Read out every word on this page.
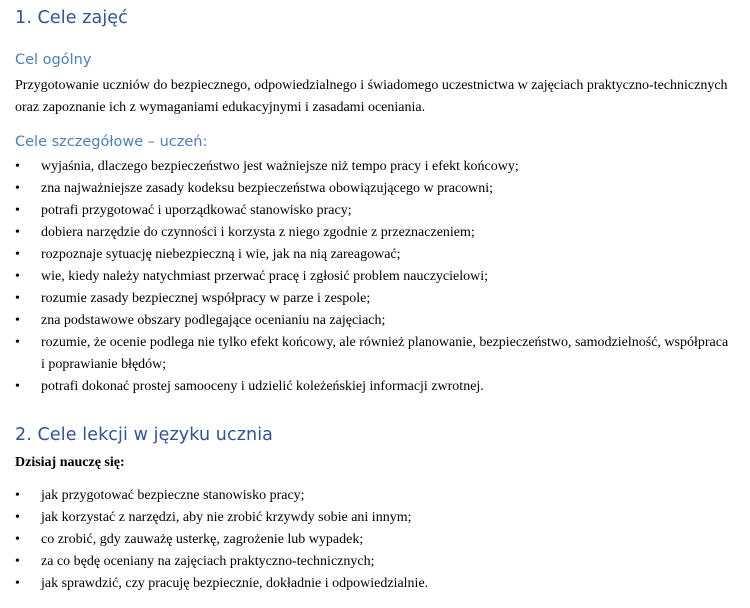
1. Cele zajęć
Cel ogólny

Przygotowanie uczniów do bezpiecznego, odpowiedzialnego i świadomego uczestnictwa w zajęciach praktyczno-technicznych oraz zapoznanie ich z wymaganiami edukacyjnymi i zasadami oceniania.

Cele szczegółowe – uczeń:
•	wyjaśnia, dlaczego bezpieczeństwo jest ważniejsze niż tempo pracy i efekt końcowy;
•	zna najważniejsze zasady kodeksu bezpieczeństwa obowiązującego w pracowni;
•	potrafi przygotować i uporządkować stanowisko pracy;
•	dobiera narzędzie do czynności i korzysta z niego zgodnie z przeznaczeniem;
•	rozpoznaje sytuację niebezpieczną i wie, jak na nią zareagować;
•	wie, kiedy należy natychmiast przerwać pracę i zgłosić problem nauczycielowi;
•	rozumie zasady bezpiecznej współpracy w parze i zespole;
•	zna podstawowe obszary podlegające ocenianiu na zajęciach;
•	rozumie, że ocenie podlega nie tylko efekt końcowy, ale również planowanie, bezpieczeństwo, samodzielność, współpraca i poprawianie błędów;
•	potrafi dokonać prostej samooceny i udzielić koleżeńskiej informacji zwrotnej.
2. Cele lekcji w języku ucznia
Dzisiaj nauczę się:
•	jak przygotować bezpieczne stanowisko pracy;
•	jak korzystać z narzędzi, aby nie zrobić krzywdy sobie ani innym;
•	co zrobić, gdy zauważę usterkę, zagrożenie lub wypadek;
•	za co będę oceniany na zajęciach praktyczno-technicznych;
•	jak sprawdzić, czy pracuję bezpiecznie, dokładnie i odpowiedzialnie.
